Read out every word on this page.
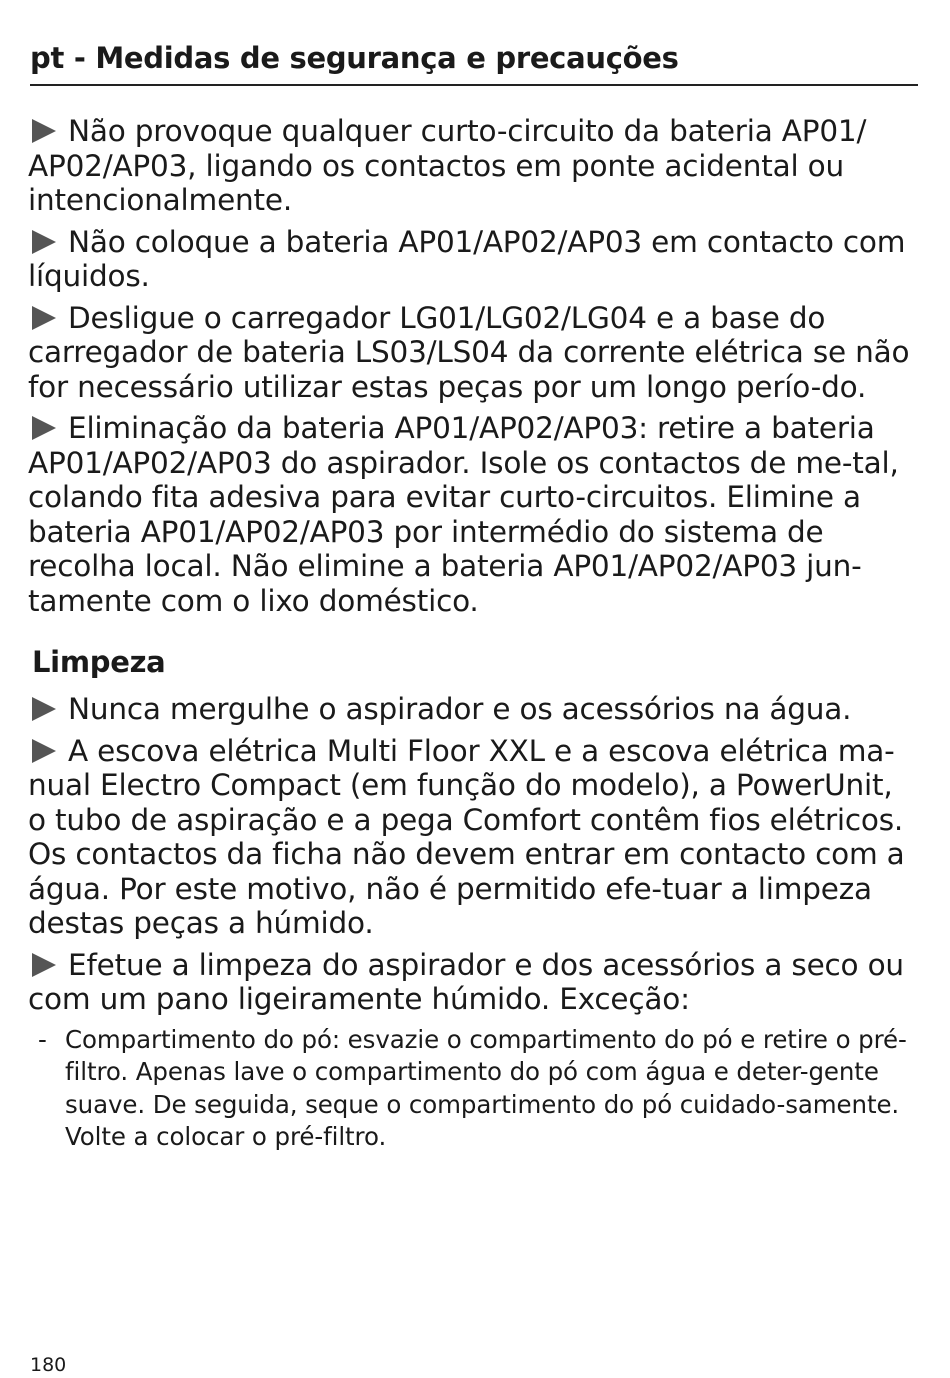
pt - Medidas de segurança e precauções
Não provoque qualquer curto-circuito da bateria AP01/ AP02/AP03, ligando os contactos em ponte acidental ou intencionalmente.
Não coloque a bateria AP01/AP02/AP03 em contacto com líquidos.
Desligue o carregador LG01/LG02/LG04 e a base do carregador de bateria LS03/LS04 da corrente elétrica se não for necessário utilizar estas peças por um longo perío-do.
Eliminação da bateria AP01/AP02/AP03: retire a bateria AP01/AP02/AP03 do aspirador. Isole os contactos de me-tal, colando fita adesiva para evitar curto-circuitos. Elimine a bateria AP01/AP02/AP03 por intermédio do sistema de recolha local. Não elimine a bateria AP01/AP02/AP03 jun-tamente com o lixo doméstico.
Limpeza
Nunca mergulhe o aspirador e os acessórios na água.
A escova elétrica Multi Floor XXL e a escova elétrica ma-nual Electro Compact (em função do modelo), a PowerUnit, o tubo de aspiração e a pega Comfort contêm fios elétricos. Os contactos da ficha não devem entrar em contacto com a água. Por este motivo, não é permitido efe-tuar a limpeza destas peças a húmido.
Efetue a limpeza do aspirador e dos acessórios a seco ou com um pano ligeiramente húmido. Exceção:
- Compartimento do pó: esvazie o compartimento do pó e retire o pré-filtro. Apenas lave o compartimento do pó com água e deter-gente suave. De seguida, seque o compartimento do pó cuidado-samente. Volte a colocar o pré-filtro.
180
